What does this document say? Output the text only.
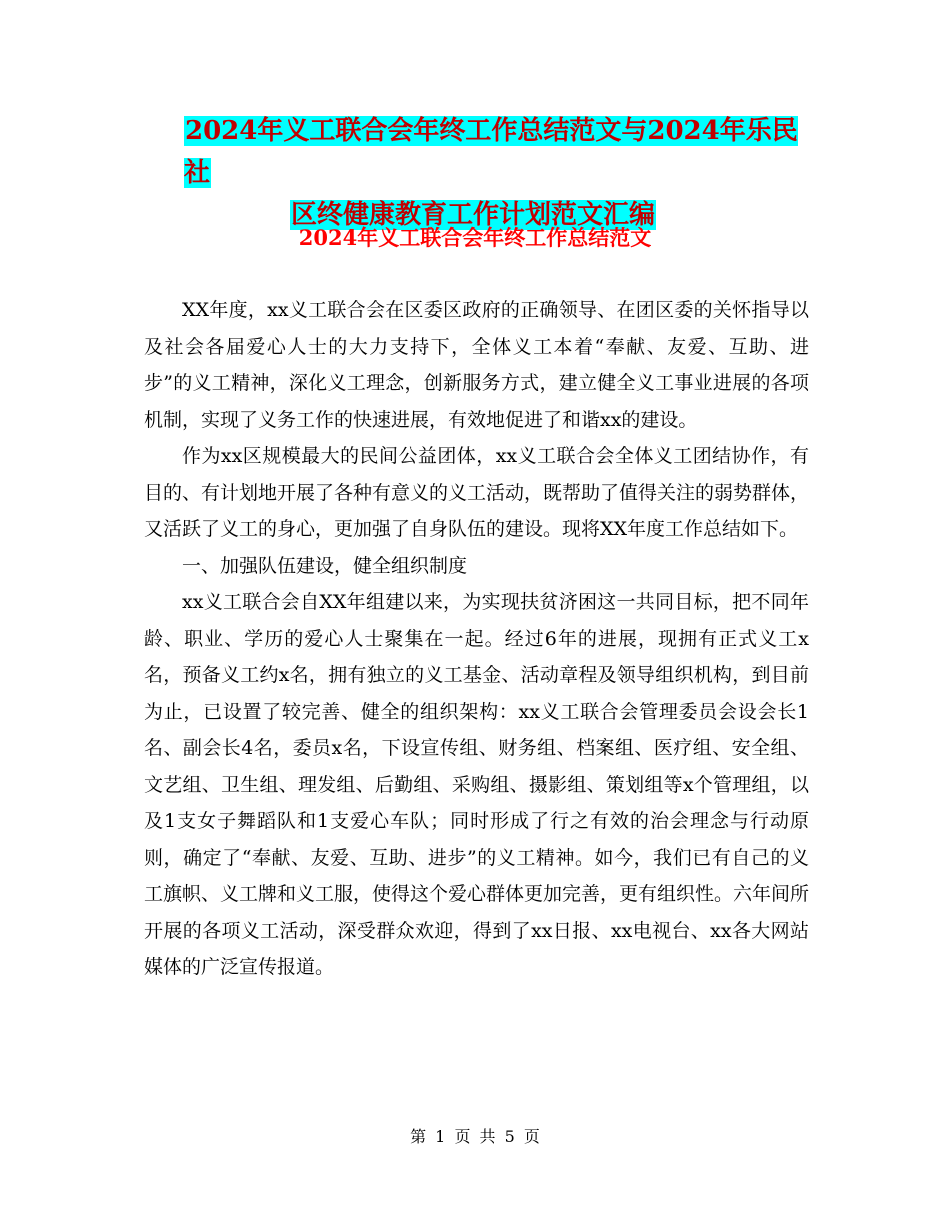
2024年义工联合会年终工作总结范文与2024年乐民社
区终健康教育工作计划范文汇编
2024年义工联合会年终工作总结范文

XX年度，xx义工联合会在区委区政府的正确领导、在团区委的关怀指导以及社会各届爱心人士的大力支持下，全体义工本着“奉献、友爱、互助、进步”的义工精神，深化义工理念，创新服务方式，建立健全义工事业进展的各项机制，实现了义务工作的快速进展，有效地促进了和谐xx的建设。

作为xx区规模最大的民间公益团体，xx义工联合会全体义工团结协作，有目的、有计划地开展了各种有意义的义工活动，既帮助了值得关注的弱势群体，又活跃了义工的身心，更加强了自身队伍的建设。现将XX年度工作总结如下。

一、加强队伍建设，健全组织制度

xx义工联合会自XX年组建以来，为实现扶贫济困这一共同目标，把不同年龄、职业、学历的爱心人士聚集在一起。经过6年的进展，现拥有正式义工x名，预备义工约x名，拥有独立的义工基金、活动章程及领导组织机构，到目前为止，已设置了较完善、健全的组织架构：xx义工联合会管理委员会设会长1名、副会长4名，委员x名，下设宣传组、财务组、档案组、医疗组、安全组、文艺组、卫生组、理发组、后勤组、采购组、摄影组、策划组等x个管理组，以及1支女子舞蹈队和1支爱心车队；同时形成了行之有效的治会理念与行动原则，确定了“奉献、友爱、互助、进步”的义工精神。如今，我们已有自己的义工旗帜、义工牌和义工服，使得这个爱心群体更加完善，更有组织性。六年间所开展的各项义工活动，深受群众欢迎，得到了xx日报、xx电视台、xx各大网站媒体的广泛宣传报道。

第 1 页 共 5 页
